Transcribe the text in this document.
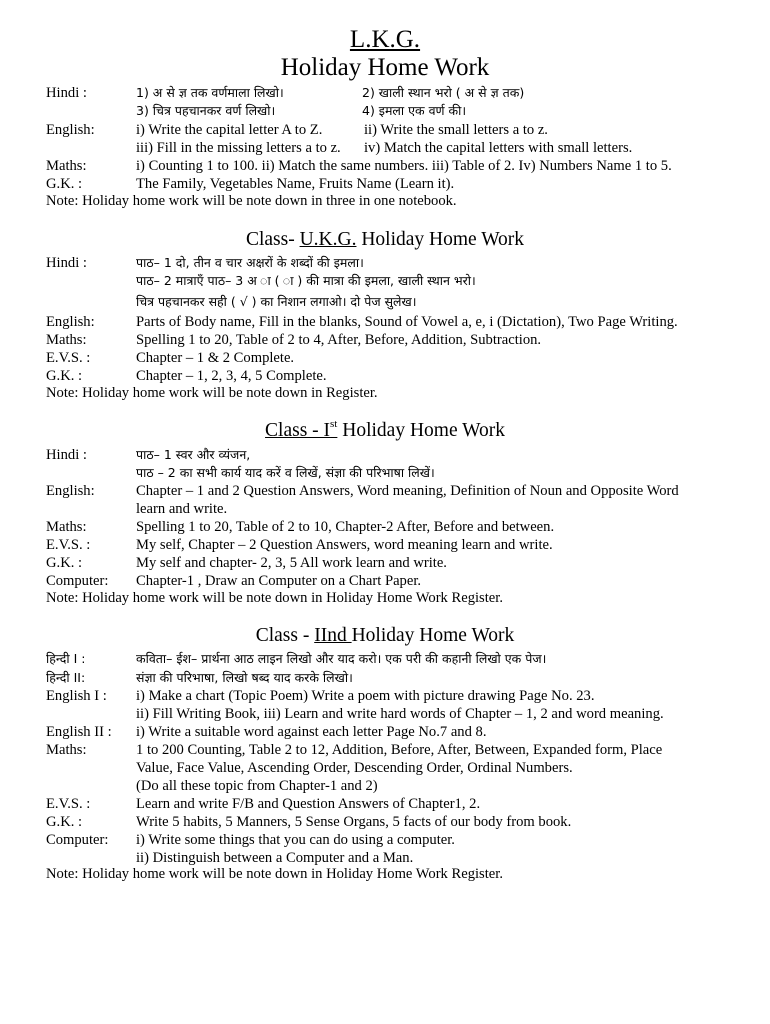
L.K.G.
Holiday Home Work
Hindi :	1) अ से ज्ञ तक वर्णमाला लिखो।	2) खाली स्थान भरो ( अ से ज्ञ तक)
3) चित्र पहचानकर वर्ण लिखो।	4) इमला एक वर्ण की।
English:	i) Write the capital letter A to Z.	ii) Write the small letters a to z.
iii) Fill in the missing letters a to z. iv) Match the capital letters with small letters.
Maths:	i) Counting 1 to 100. ii) Match the same numbers. iii) Table of 2. Iv) Numbers Name 1 to 5.
G.K. :	The Family, Vegetables Name, Fruits Name (Learn it).
Note: Holiday home work will be note down in three in one notebook.
Class- U.K.G. Holiday Home Work
Hindi :	पाठ– 1 दो, तीन व चार अक्षरों के शब्दों की इमला।
पाठ– 2 मात्राएँ पाठ– 3 अ ा ( ा ) की मात्रा की इमला, खाली स्थान भरो।
चित्र पहचानकर सही ( √ ) का निशान लगाओ। दो पेज सुलेख।
English:	Parts of Body name, Fill in the blanks, Sound of Vowel a, e, i (Dictation), Two Page Writing.
Maths:	Spelling 1 to 20, Table of 2 to 4, After, Before, Addition, Subtraction.
E.V.S. :	Chapter – 1 & 2 Complete.
G.K. :	Chapter – 1, 2, 3, 4, 5 Complete.
Note: Holiday home work will be note down in Register.
Class - Ist Holiday Home Work
Hindi :	पाठ– 1 स्वर और व्यंजन,
पाठ – 2 का सभी कार्य याद करें व लिखें, संज्ञा की परिभाषा लिखें।
English:	Chapter – 1 and 2 Question Answers, Word meaning, Definition of Noun and Opposite Word
learn and write.
Maths:	Spelling 1 to 20, Table of 2 to 10, Chapter-2 After, Before and between.
E.V.S. :	My self, Chapter – 2 Question Answers, word meaning learn and write.
G.K. :	My self and chapter- 2, 3, 5 All work learn and write.
Computer: Chapter-1 , Draw an Computer on a Chart Paper.
Note: Holiday home work will be note down in Holiday Home Work Register.
Class - IInd Holiday Home Work
हिन्दी I :	कविता– ईश– प्रार्थना आठ लाइन लिखो और याद करो। एक परी की कहानी लिखो एक पेज।
हिन्दी II:	संज्ञा की परिभाषा, लिखो षब्द याद करके लिखो।
English I : i) Make a chart (Topic Poem) Write a poem with picture drawing Page No. 23.
ii) Fill Writing Book, iii) Learn and write hard words of Chapter – 1, 2 and word meaning.
English II : i) Write a suitable word against each letter Page No.7 and 8.
Maths:	1 to 200 Counting, Table 2 to 12, Addition, Before, After, Between, Expanded form, Place
Value, Face Value, Ascending Order, Descending Order, Ordinal Numbers.
(Do all these topic from Chapter-1 and 2)
E.V.S. :	Learn and write F/B and Question Answers of Chapter1, 2.
G.K. :	Write 5 habits, 5 Manners, 5 Sense Organs, 5 facts of our body from book.
Computer: i) Write some things that you can do using a computer.
ii) Distinguish between a Computer and a Man.
Note: Holiday home work will be note down in Holiday Home Work Register.
